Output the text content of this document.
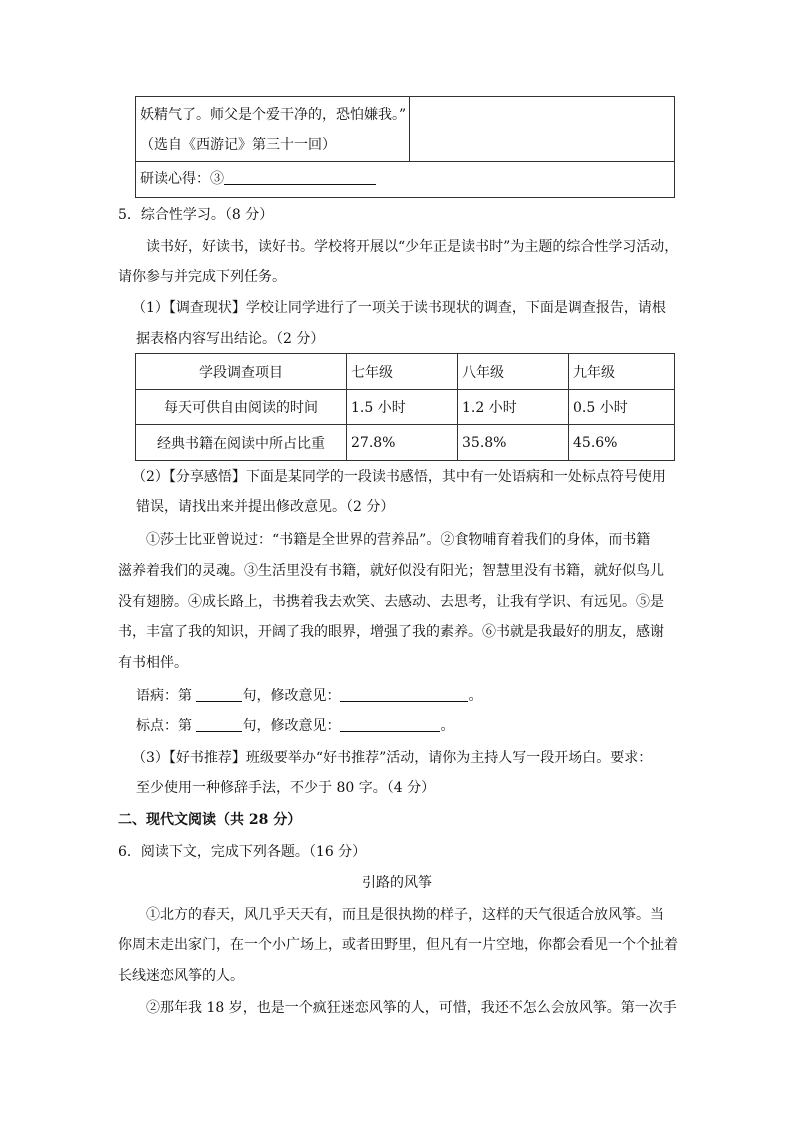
妖精气了。师父是个爱干净的，恐怕嫌我。”
（选自《西游记》第三十一回）

研读心得：③
5．综合性学习。（8 分）
读书好，好读书，读好书。学校将开展以“少年正是读书时”为主题的综合性学习活动，
请你参与并完成下列任务。
（1）【调查现状】学校让同学进行了一项关于读书现状的调查，下面是调查报告，请根
据表格内容写出结论。（2 分）
学段调查项目	七年级	八年级	九年级
每天可供自由阅读的时间	1.5 小时	1.2 小时	0.5 小时
经典书籍在阅读中所占比重	27.8%	35.8%	45.6%
（2）【分享感悟】下面是某同学的一段读书感悟，其中有一处语病和一处标点符号使用
错误，请找出来并提出修改意见。（2 分）
①莎士比亚曾说过：“书籍是全世界的营养品”。②食物哺育着我们的身体，而书籍
滋养着我们的灵魂。③生活里没有书籍，就好似没有阳光；智慧里没有书籍，就好似鸟儿
没有翅膀。④成长路上，书携着我去欢笑、去感动、去思考，让我有学识、有远见。⑤是
书，丰富了我的知识，开阔了我的眼界，增强了我的素养。⑥书就是我最好的朋友，感谢
有书相伴。
语病：第	句，修改意见：	。
标点：第	句，修改意见：	。
（3）【好书推荐】班级要举办“好书推荐”活动，请你为主持人写一段开场白。要求：
至少使用一种修辞手法，不少于 80 字。（4 分）
二、现代文阅读（共 28 分）
6．阅读下文，完成下列各题。（16 分）
引路的风筝
①北方的春天，风几乎天天有，而且是很执拗的样子，这样的天气很适合放风筝。当
你周末走出家门，在一个小广场上，或者田野里，但凡有一片空地，你都会看见一个个扯着
长线迷恋风筝的人。
②那年我 18 岁，也是一个疯狂迷恋风筝的人，可惜，我还不怎么会放风筝。第一次手
